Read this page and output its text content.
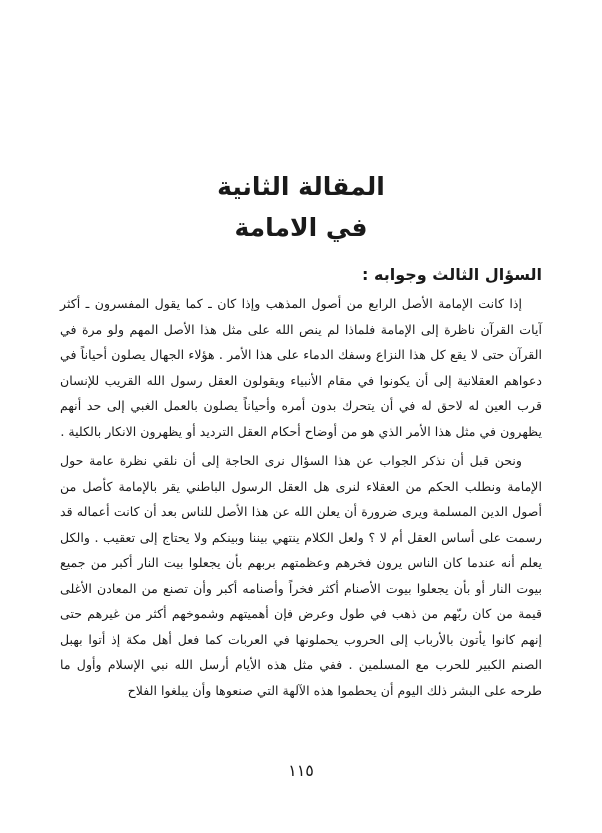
المقالة الثانية
في الامامة
السؤال الثالث وجوابه :

إذا كانت الإمامة الأصل الرابع من أصول المذهب وإذا كان ـ كما يقول المفسرون ـ أكثر آيات القرآن ناظرة إلى الإمامة فلماذا لم ينص الله على مثل هذا الأصل المهم ولو مرة في القرآن حتى لا يقع كل هذا النزاع وسفك الدماء على هذا الأمر . هؤلاء الجهال يصلون أحياناً في دعواهم العقلانية إلى أن يكونوا في مقام الأنبياء ويقولون العقل رسول الله القريب للإنسان قرب العين له لاحق له في أن يتحرك بدون أمره وأحياناً يصلون بالعمل الغبي إلى حد أنهم يظهرون في مثل هذا الأمر الذي هو من أوضاح أحكام العقل الترديد أو يظهرون الانكار بالكلية .

ونحن قبل أن نذكر الجواب عن هذا السؤال نرى الحاجة إلى أن نلقي نظرة عامة حول الإمامة ونطلب الحكم من العقلاء لنرى هل العقل الرسول الباطني يقر بالإمامة كأصل من أصول الدين المسلمة ويرى ضرورة أن يعلن الله عن هذا الأصل للناس بعد أن كانت أعماله قد رسمت على أساس العقل أم لا ؟ ولعل الكلام ينتهي بيننا وبينكم ولا يحتاج إلى تعقيب . والكل يعلم أنه عندما كان الناس يرون فخرهم وعظمتهم بربهم بأن يجعلوا بيت النار أكبر من جميع بيوت النار أو بأن يجعلوا بيوت الأصنام أكثر فخراً وأصنامه أكبر وأن تصنع من المعادن الأغلى قيمة من كان ربّهم من ذهب في طول وعرض فإن أهميتهم وشموخهم أكثر من غيرهم حتى إنهم كانوا يأتون بالأرباب إلى الحروب يحملونها في العربات كما فعل أهل مكة إذ أتوا بهبل الصنم الكبير للحرب مع المسلمين . ففي مثل هذه الأيام أرسل الله نبي الإسلام وأول ما طرحه على البشر ذلك اليوم أن يحطموا هذه الآلهة التي صنعوها وأن يبلغوا الفلاح

١١٥
